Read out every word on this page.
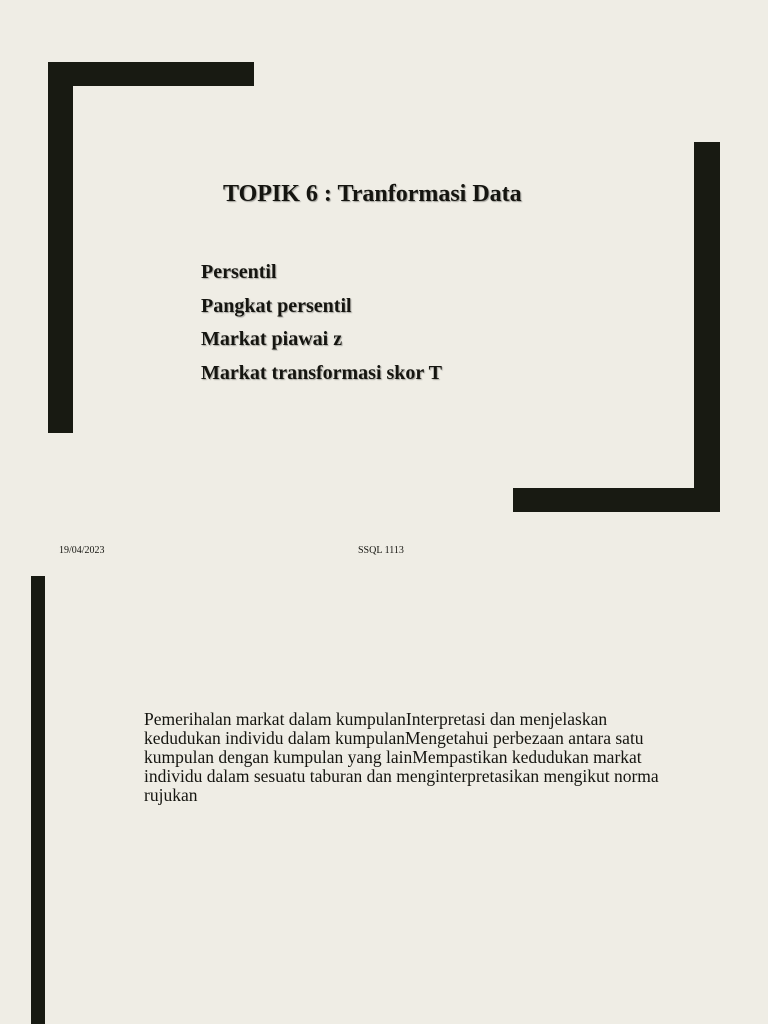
TOPIK 6 : Tranformasi Data
Persentil
Pangkat persentil
Markat piawai z
Markat transformasi skor T
19/04/2023	SSQL 1113

Pemerihalan markat dalam kumpulanInterpretasi dan menjelaskan kedudukan individu dalam kumpulanMengetahui perbezaan antara satu kumpulan dengan kumpulan yang lainMempastikan kedudukan markat individu dalam sesuatu taburan dan menginterpretasikan mengikut norma rujukan
